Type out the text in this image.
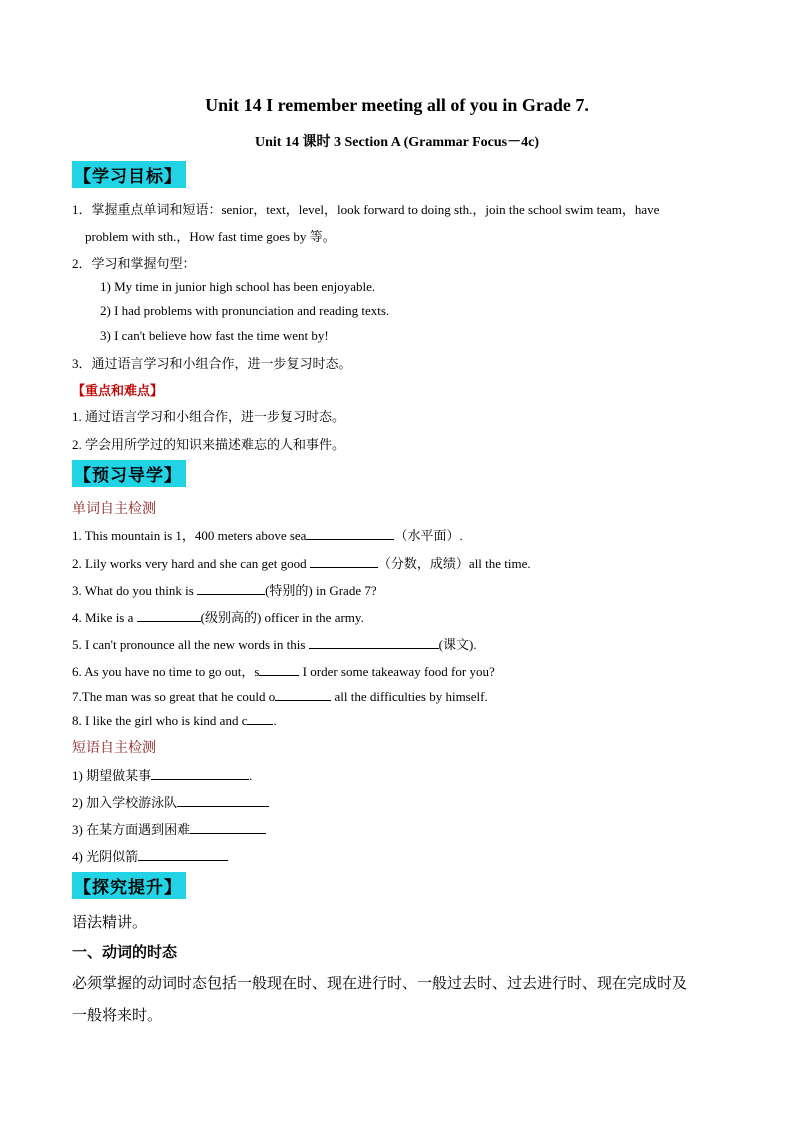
Unit 14 I remember meeting all of you in Grade 7.
Unit 14 课时 3 Section A (Grammar Focus－4c)
【学习目标】
1．掌握重点单词和短语：senior，text，level，look forward to doing sth.，join the school swim team，have
problem with sth.，How fast time goes by 等。
2．学习和掌握句型：
1) My time in junior high school has been enjoyable.
2) I had problems with pronunciation and reading texts.
3) I can't believe how fast the time went by!
3．通过语言学习和小组合作，进一步复习时态。
【重点和难点】
1. 通过语言学习和小组合作，进一步复习时态。
2. 学会用所学过的知识来描述难忘的人和事件。
【预习导学】
单词自主检测
1. This mountain is 1，400 meters above sea	（水平面）.
2. Lily works very hard and she can get good	（分数，成绩）all the time.
3. What do you think is	(特别的) in Grade 7?
4. Mike is a	(级别高的) officer in the army.
5. I can't pronounce all the new words in this	(课文).
6. As you have no time to go out，s	I order some takeaway food for you?
7.The man was so great that he could o	all the difficulties by himself.
8. I like the girl who is kind and c .
短语自主检测
1) 期望做某事	.
2) 加入学校游泳队
3) 在某方面遇到困难
4) 光阴似箭
【探究提升】
语法精讲。
一、动词的时态
必须掌握的动词时态包括一般现在时、现在进行时、一般过去时、过去进行时、现在完成时及
一般将来时。
